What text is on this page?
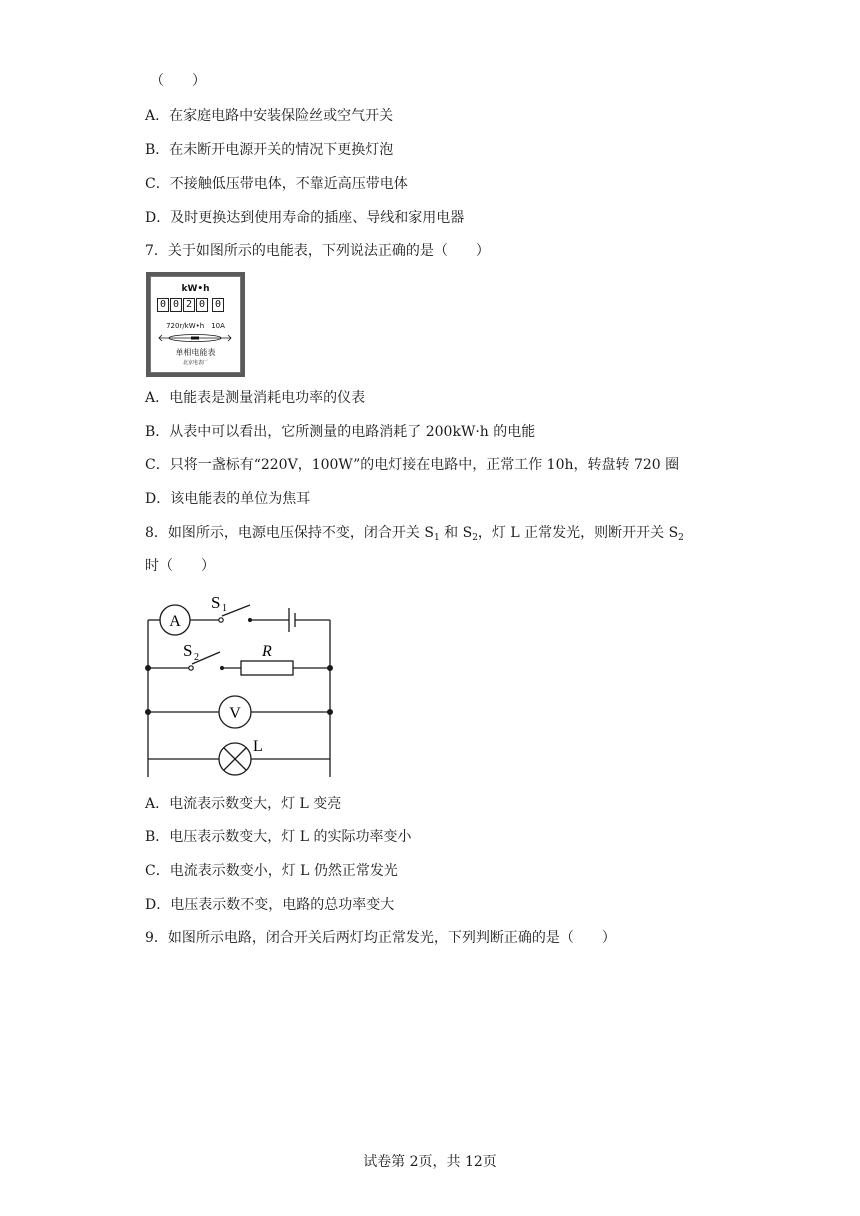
（　　）
A．在家庭电路中安装保险丝或空气开关
B．在未断开电源开关的情况下更换灯泡
C．不接触低压带电体，不靠近高压带电体
D．及时更换达到使用寿命的插座、导线和家用电器
7．关于如图所示的电能表，下列说法正确的是（　　）
kW•h
0 0 2 0 0
720r/kW•h　10A
单相电能表
北京电表厂
A．电能表是测量消耗电功率的仪表
B．从表中可以看出，它所测量的电路消耗了 200kW·h 的电能
C．只将一盏标有“220V，100W”的电灯接在电路中，正常工作 10h，转盘转 720 圈
D．该电能表的单位为焦耳
8．如图所示，电源电压保持不变，闭合开关 $S_1$ 和 $S_2$，灯 L 正常发光，则断开开关 $S_2$
时（　　）
A
V
L
S 1
S 2	R
A．电流表示数变大，灯 L 变亮
B．电压表示数变大，灯 L 的实际功率变小
C．电流表示数变小，灯 L 仍然正常发光
D．电压表示数不变，电路的总功率变大
9．如图所示电路，闭合开关后两灯均正常发光，下列判断正确的是（　　）
试卷第 2页，共 12页
